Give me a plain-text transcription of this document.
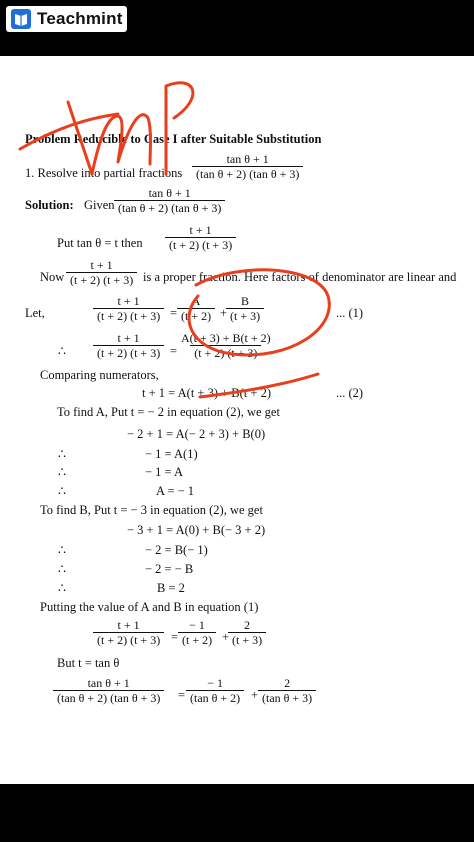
Teachmint
Problem Reducible to Case I after Suitable Substitution
1. Resolve into partial fractions $\frac{\text{tan θ + 1}}{\text{(tan θ + 2) (tan θ + 3)}}$
Solution: Given $\frac{\text{tan θ + 1}}{\text{(tan θ + 2) (tan θ + 3)}}$
Put tan θ = t then $\frac{t + 1}{(t + 2) (t + 3)}$
Now $\frac{t + 1}{(t + 2) (t + 3)}$ is a proper fraction. Here factors of denominator are linear and
Let,	$\frac{t + 1}{(t + 2) (t + 3)} = \frac{A}{(t + 2)}$ +
$\frac{B}{(t + 3)}$	... (1)
∴ $\frac{t + 1}{(t + 2) (t + 3)} = \frac{A(t + 3) + B(t + 2)}{(t + 2) (t + 3)}$
Comparing numerators,
t + 1 = A(t + 3) + B(t + 2)	... (2)
To find A, Put t = − 2 in equation (2), we get
− 2 + 1 = A(− 2 + 3) + B(0)
∴	− 1 = A(1)
∴	− 1 = A
∴	A = − 1
To find B, Put t = − 3 in equation (2), we get
− 3 + 1 = A(0) + B(− 3 + 2)
∴	− 2 = B(− 1)
∴	− 2 = − B
∴	B = 2
Putting the value of A and B in equation (1)
$\frac{t + 1}{(t + 2) (t + 3)} = \frac{- 1}{(t + 2)}$ +
$\frac{2}{(t + 3)}$
But t = tan θ
$\frac{\text{tan θ + 1}}{\text{(tan θ + 2) (tan θ + 3)}} = \frac{- 1}{\text{(tan θ + 2)}} + \frac{2}{\text{(tan θ + 3)}}$
